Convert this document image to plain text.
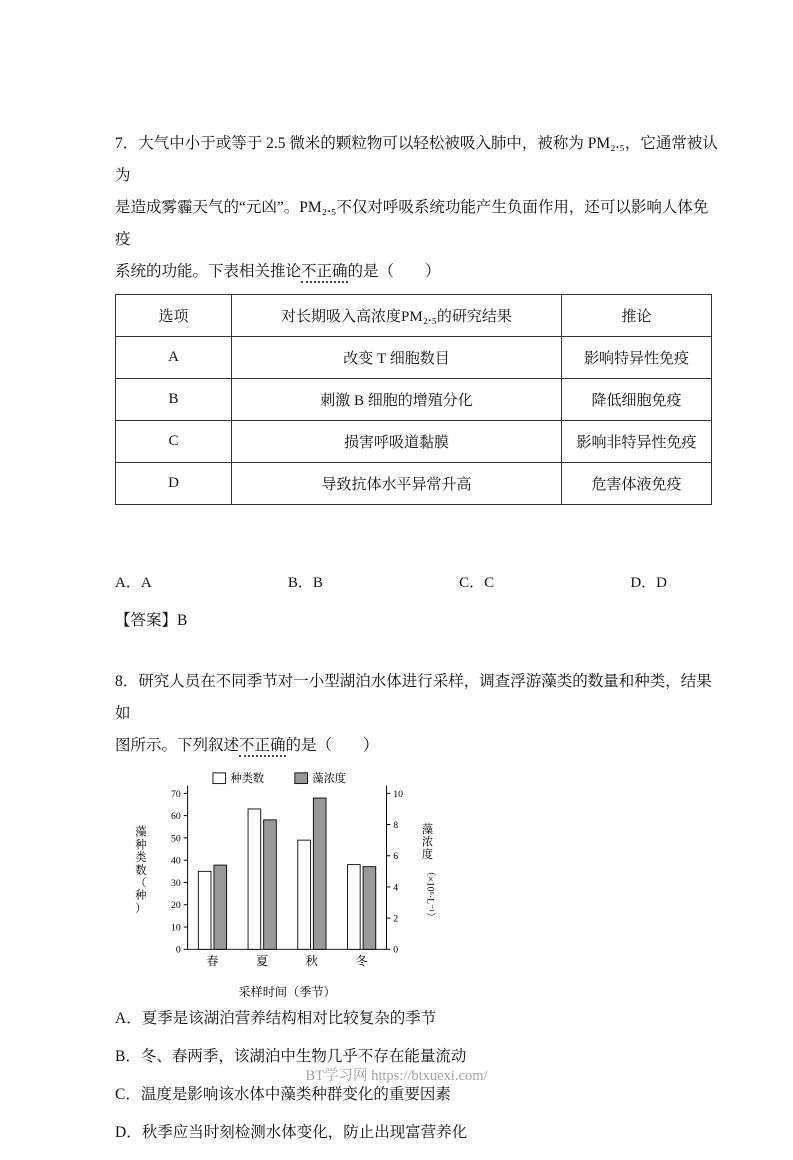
7．大气中小于或等于 2.5 微米的颗粒物可以轻松被吸入肺中，被称为 PM₂.₅，它通常被认为

是造成雾霾天气的“元凶”。PM₂.₅不仅对呼吸系统功能产生负面作用，还可以影响人体免疫

系统的功能。下表相关推论不正确的是（　　）

选项	对长期吸入高浓度PM₂.₅的研究结果	推论
A	改变 T 细胞数目	影响特异性免疫
B	刺激 B 细胞的增殖分化	降低细胞免疫
C	损害呼吸道黏膜	影响非特异性免疫
D	导致抗体水平异常升高	危害体液免疫
A．A	B．B	C．C	D．D

【答案】B

8．研究人员在不同季节对一小型湖泊水体进行采样，调查浮游藻类的数量和种类，结果如

图所示。下列叙述不正确的是（　　）

0
10
20
30
40
50
60
70
0
2
4
6
8
10
春	夏	秋	冬
种类数	藻浓度
藻
种
类
数
（
种
）
藻
浓
度
（×10⁶·L⁻¹）
采样时间（季节）

A．夏季是该湖泊营养结构相对比较复杂的季节

B．冬、春两季，该湖泊中生物几乎不存在能量流动

C．温度是影响该水体中藻类种群变化的重要因素

D．秋季应当时刻检测水体变化，防止出现富营养化

BT学习网 https://btxuexi.com/
